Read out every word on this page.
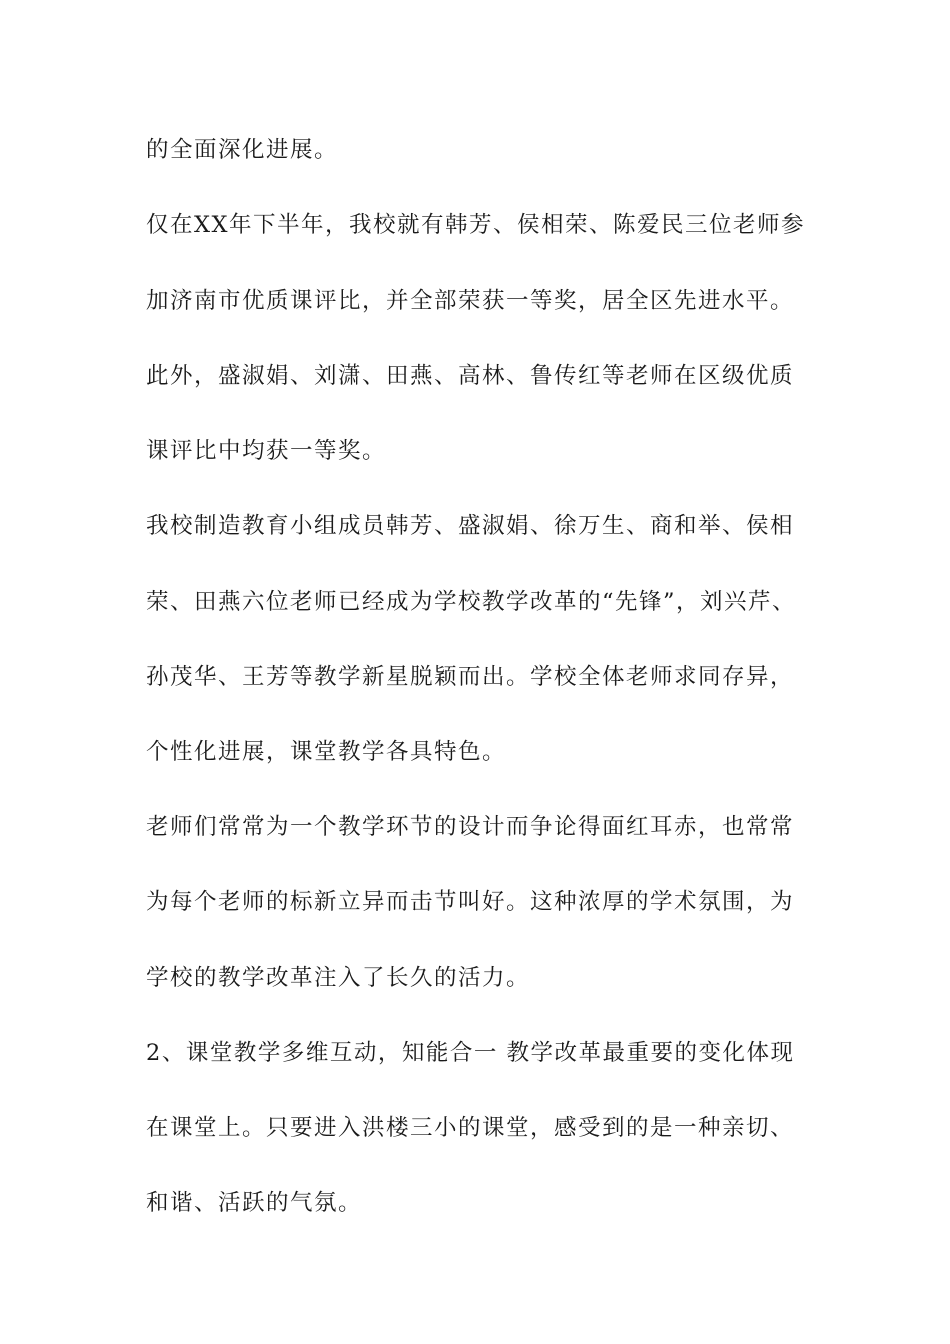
的全面深化进展。
仅在XX年下半年，我校就有韩芳、侯相荣、陈爱民三位老师参
加济南市优质课评比，并全部荣获一等奖，居全区先进水平。
此外，盛淑娟、刘潇、田燕、高林、鲁传红等老师在区级优质
课评比中均获一等奖。
我校制造教育小组成员韩芳、盛淑娟、徐万生、商和举、侯相
荣、田燕六位老师已经成为学校教学改革的“先锋”，刘兴芹、
孙茂华、王芳等教学新星脱颖而出。学校全体老师求同存异，
个性化进展，课堂教学各具特色。
老师们常常为一个教学环节的设计而争论得面红耳赤，也常常
为每个老师的标新立异而击节叫好。这种浓厚的学术氛围，为
学校的教学改革注入了长久的活力。
2、课堂教学多维互动，知能合一 教学改革最重要的变化体现
在课堂上。只要进入洪楼三小的课堂，感受到的是一种亲切、
和谐、活跃的气氛。
